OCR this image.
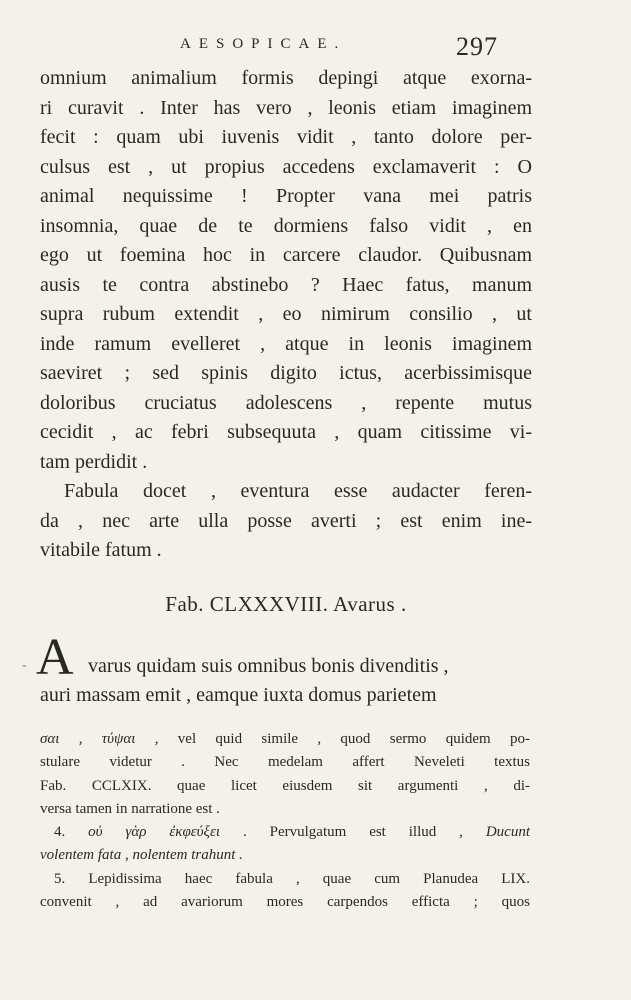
AESOPICAE.	297
omnium animalium formis depingi atque exorna-
ri curavit . Inter has vero , leonis etiam imaginem
fecit : quam ubi iuvenis vidit , tanto dolore per-
culsus est , ut propius accedens exclamaverit : O
animal nequissime ! Propter vana mei patris
insomnia, quae de te dormiens falso vidit , en
ego ut foemina hoc in carcere claudor. Quibusnam
ausis te contra abstinebo ? Haec fatus, manum
supra rubum extendit , eo nimirum consilio , ut
inde ramum evelleret , atque in leonis imaginem
saeviret ; sed spinis digito ictus, acerbissimisque
doloribus cruciatus adolescens , repente mutus
cecidit , ac febri subsequuta , quam citissime vi-
tam perdidit .
Fabula docet , eventura esse audacter feren-
da , nec arte ulla posse averti ; est enim ine-
vitabile fatum .
Fab. CLXXXVIII. Avarus .
- A varus quidam suis omnibus bonis divenditis ,
auri massam emit , eamque iuxta domus parietem
σαι , τύψαι , vel quid simile , quod sermo quidem po-
stulare videtur . Nec medelam affert Neveleti textus
Fab. CCLXIX. quae licet eiusdem sit argumenti , di-
versa tamen in narratione est .
4. οὐ γὰρ ἐκφεύξει . Pervulgatum est illud , Ducunt
volentem fata , nolentem trahunt .
5. Lepidissima haec fabula , quae cum Planudea LIX.
convenit , ad avariorum mores carpendos efficta ; quos
